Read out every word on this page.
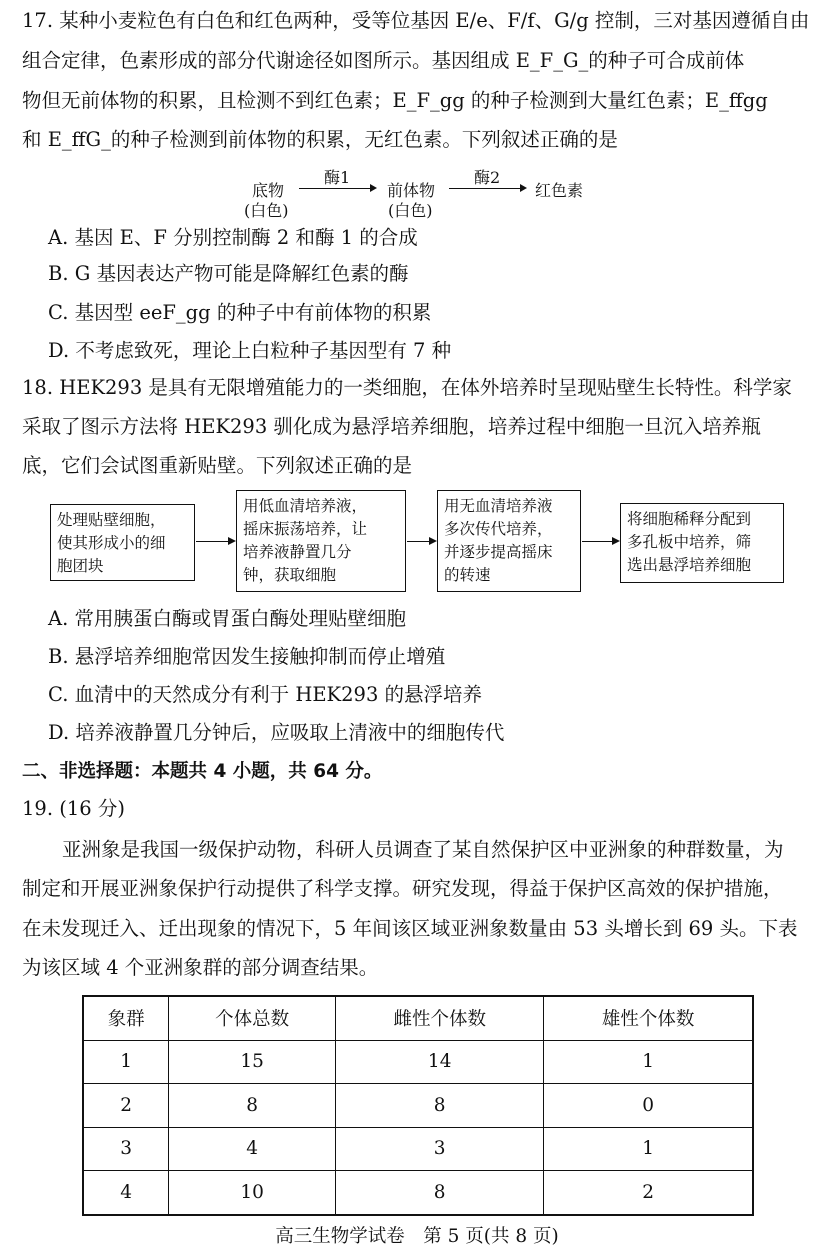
17. 某种小麦粒色有白色和红色两种，受等位基因 E/e、F/f、G/g 控制，三对基因遵循自由
组合定律，色素形成的部分代谢途径如图所示。基因组成 E_F_G_的种子可合成前体
物但无前体物的积累，且检测不到红色素；E_F_gg 的种子检测到大量红色素；E_ffgg
和 E_ffG_的种子检测到前体物的积累，无红色素。下列叙述正确的是
底物
(白色)
酶1
前体物
(白色)
酶2
红色素
A. 基因 E、F 分别控制酶 2 和酶 1 的合成
B. G 基因表达产物可能是降解红色素的酶
C. 基因型 eeF_gg 的种子中有前体物的积累
D. 不考虑致死，理论上白粒种子基因型有 7 种
18. HEK293 是具有无限增殖能力的一类细胞，在体外培养时呈现贴壁生长特性。科学家
采取了图示方法将 HEK293 驯化成为悬浮培养细胞，培养过程中细胞一旦沉入培养瓶
底，它们会试图重新贴壁。下列叙述正确的是
处理贴壁细胞，
使其形成小的细
胞团块
用低血清培养液，
摇床振荡培养，让
培养液静置几分
钟，获取细胞
用无血清培养液
多次传代培养，
并逐步提高摇床
的转速
将细胞稀释分配到
多孔板中培养，筛
选出悬浮培养细胞
A. 常用胰蛋白酶或胃蛋白酶处理贴壁细胞
B. 悬浮培养细胞常因发生接触抑制而停止增殖
C. 血清中的天然成分有利于 HEK293 的悬浮培养
D. 培养液静置几分钟后，应吸取上清液中的细胞传代
二、非选择题：本题共 4 小题，共 64 分。
19. (16 分)
亚洲象是我国一级保护动物，科研人员调查了某自然保护区中亚洲象的种群数量，为
制定和开展亚洲象保护行动提供了科学支撑。研究发现，得益于保护区高效的保护措施，
在未发现迁入、迁出现象的情况下，5 年间该区域亚洲象数量由 53 头增长到 69 头。下表
为该区域 4 个亚洲象群的部分调查结果。
象群	个体总数	雌性个体数	雄性个体数
1	15	14	1
2	8	8	0
3	4	3	1
4	10	8	2
高三生物学试卷　第 5 页(共 8 页)
